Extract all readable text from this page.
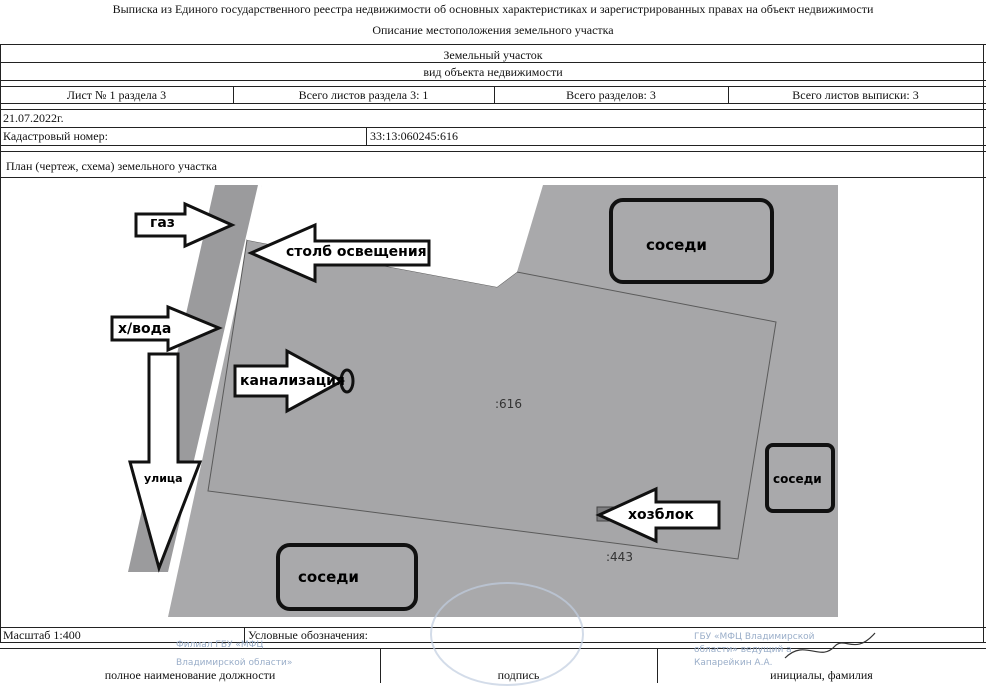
Выписка из Единого государственного реестра недвижимости об основных характеристиках и зарегистрированных правах на объект недвижимости
Описание местоположения земельного участка
Земельный участок
вид объекта недвижимости
Лист № 1 раздела 3	Всего листов раздела 3: 1	Всего разделов: 3	Всего листов выписки: 3
21.07.2022г.
Кадастровый номер:	33:13:060245:616
План (чертеж, схема) земельного участка
:616
:443
газ
столб освещения
х/вода
канализация
улица
соседи
соседи
соседи
хозблок
Филиал ГБУ «МФЦ
Владимирской области»
ГБУ «МФЦ Владимирской
области» ведущий а
Капарейкин А.А.
Масштаб 1:400	Условные обозначения:
полное наименование должности	подпись	инициалы, фамилия
